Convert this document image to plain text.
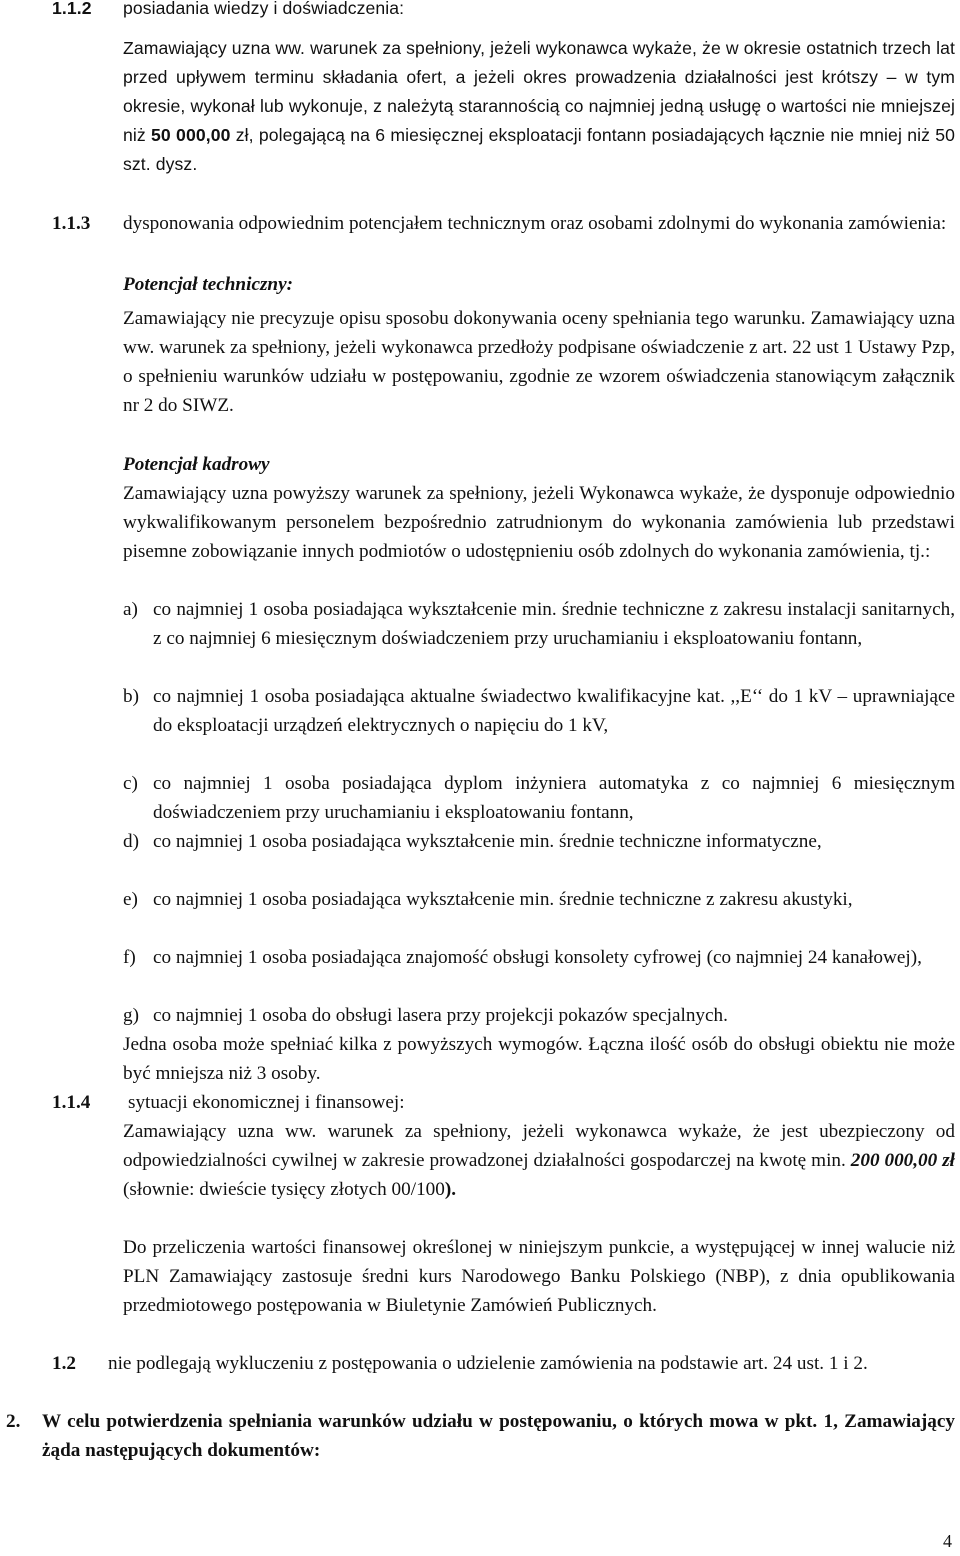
1.1.2 posiadania wiedzy i doświadczenia:

Zamawiający uzna ww. warunek za spełniony, jeżeli wykonawca wykaże, że w okresie ostatnich trzech lat przed upływem terminu składania ofert, a jeżeli okres prowadzenia działalności jest krótszy – w tym okresie, wykonał lub wykonuje, z należytą starannością co najmniej jedną usługę o wartości nie mniejszej niż 50 000,00 zł, polegającą na 6 miesięcznej eksploatacji fontann posiadających łącznie nie mniej niż 50 szt. dysz.

1.1.3 dysponowania odpowiednim potencjałem technicznym oraz osobami zdolnymi do wykonania zamówienia:

Potencjał techniczny:

Zamawiający nie precyzuje opisu sposobu dokonywania oceny spełniania tego warunku. Zamawiający uzna ww. warunek za spełniony, jeżeli wykonawca przedłoży podpisane oświadczenie z art. 22 ust 1 Ustawy Pzp, o spełnieniu warunków udziału w postępowaniu, zgodnie ze wzorem oświadczenia stanowiącym załącznik nr 2 do SIWZ.

Potencjał kadrowy

Zamawiający uzna powyższy warunek za spełniony, jeżeli Wykonawca wykaże, że dysponuje odpowiednio wykwalifikowanym personelem bezpośrednio zatrudnionym do wykonania zamówienia lub przedstawi pisemne zobowiązanie innych podmiotów o udostępnieniu osób zdolnych do wykonania zamówienia, tj.:

a) co najmniej 1 osoba posiadająca wykształcenie min. średnie techniczne z zakresu instalacji sanitarnych, z co najmniej 6 miesięcznym doświadczeniem przy uruchamianiu i eksploatowaniu fontann,

b) co najmniej 1 osoba posiadająca aktualne świadectwo kwalifikacyjne kat. ,,E‘‘ do 1 kV – uprawniające do eksploatacji urządzeń elektrycznych o napięciu do 1 kV,

c) co najmniej 1 osoba posiadająca dyplom inżyniera automatyka z co najmniej 6 miesięcznym doświadczeniem przy uruchamianiu i eksploatowaniu fontann,

d) co najmniej 1 osoba posiadająca wykształcenie min. średnie techniczne informatyczne,

e) co najmniej 1 osoba posiadająca wykształcenie min. średnie techniczne z zakresu akustyki,

f) co najmniej 1 osoba posiadająca znajomość obsługi konsolety cyfrowej (co najmniej 24 kanałowej),

g) co najmniej 1 osoba do obsługi lasera przy projekcji pokazów specjalnych.

Jedna osoba może spełniać kilka z powyższych wymogów. Łączna ilość osób do obsługi obiektu nie może być mniejsza niż 3 osoby.

1.1.4 sytuacji ekonomicznej i finansowej:

Zamawiający uzna ww. warunek za spełniony, jeżeli wykonawca wykaże, że jest ubezpieczony od odpowiedzialności cywilnej w zakresie prowadzonej działalności gospodarczej na kwotę min. 200 000,00 zł (słownie: dwieście tysięcy złotych 00/100).

Do przeliczenia wartości finansowej określonej w niniejszym punkcie, a występującej w innej walucie niż PLN Zamawiający zastosuje średni kurs Narodowego Banku Polskiego (NBP), z dnia opublikowania przedmiotowego postępowania w Biuletynie Zamówień Publicznych.

1.2 nie podlegają wykluczeniu z postępowania o udzielenie zamówienia na podstawie art. 24 ust. 1 i 2.

2. W celu potwierdzenia spełniania warunków udziału w postępowaniu, o których mowa w pkt. 1, Zamawiający żąda następujących dokumentów:

4
